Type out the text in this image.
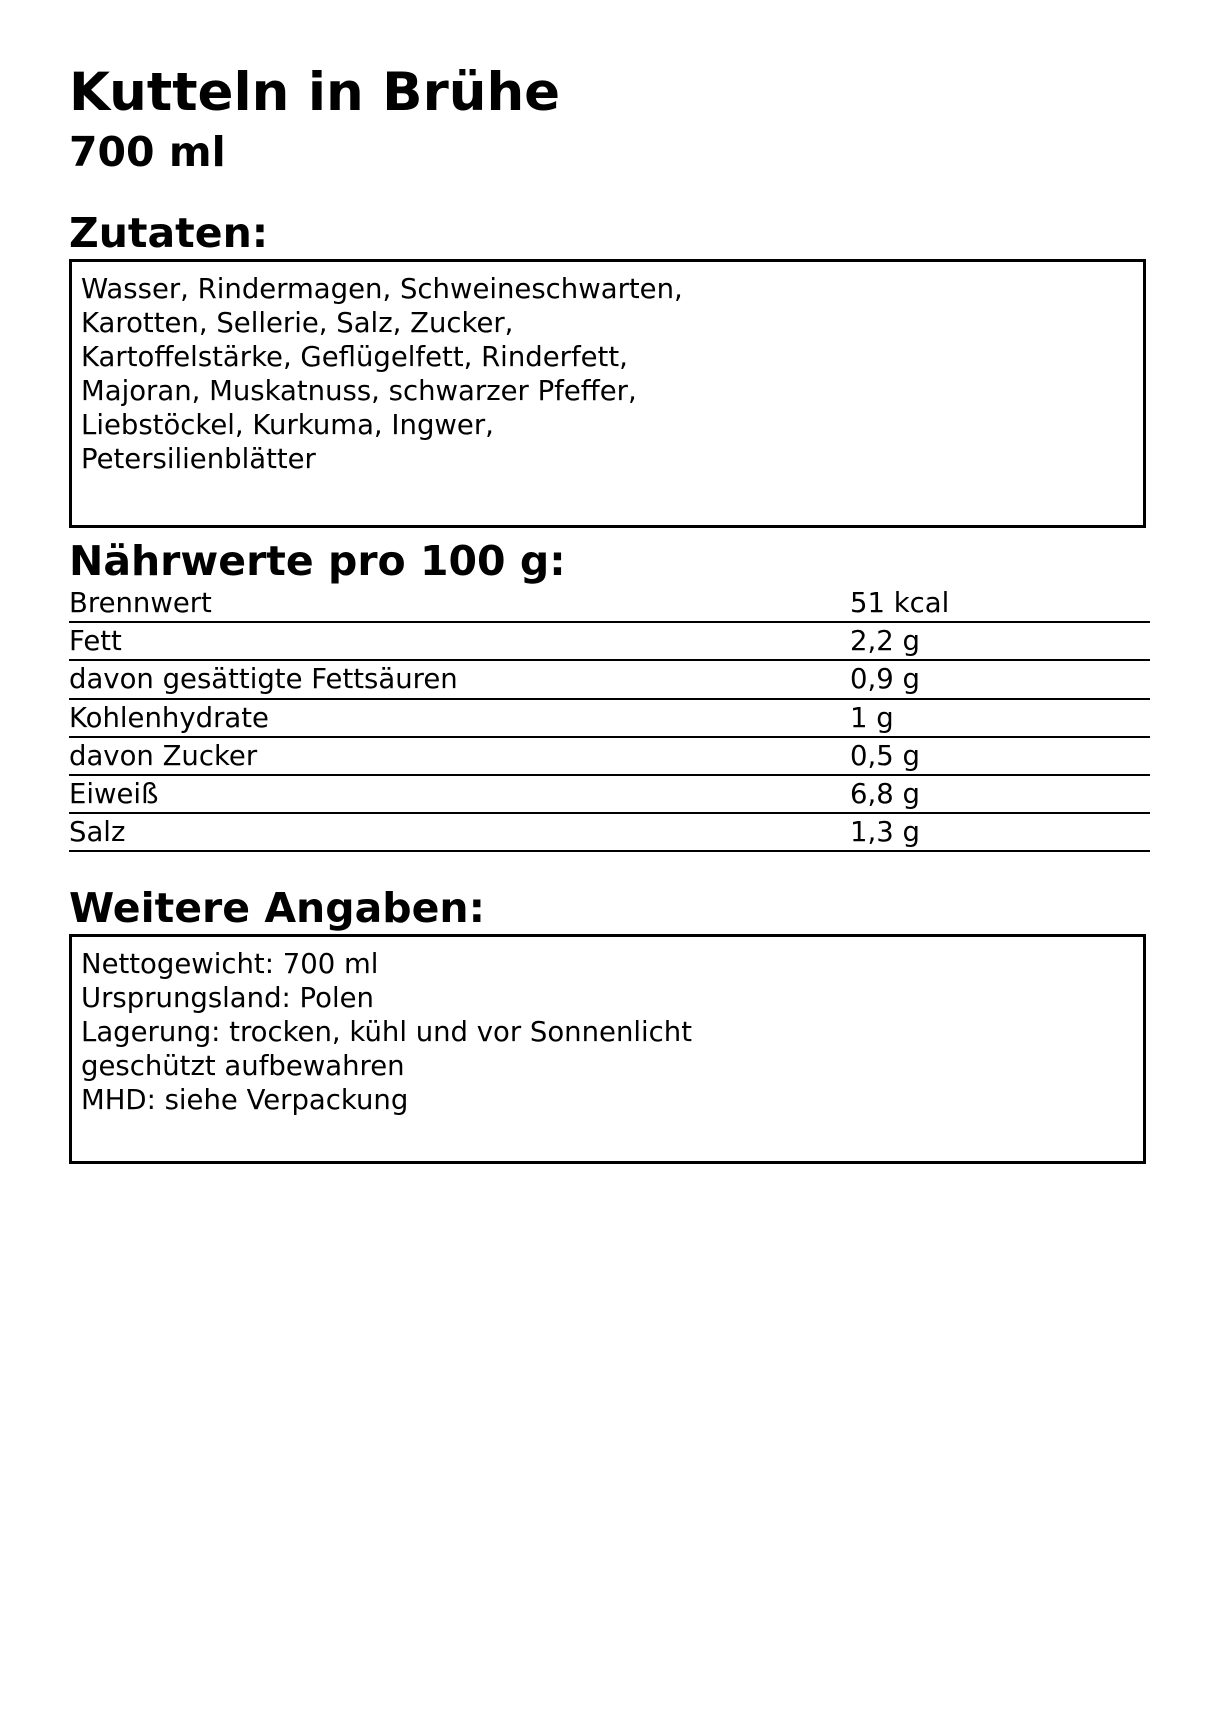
Kutteln in Brühe
700 ml
Zutaten:
Wasser, Rindermagen, Schweineschwarten,
Karotten, Sellerie, Salz, Zucker,
Kartoffelstärke, Geflügelfett, Rinderfett,
Majoran, Muskatnuss, schwarzer Pfeffer,
Liebstöckel, Kurkuma, Ingwer,
Petersilienblätter
Nährwerte pro 100 g:
Brennwert	51 kcal
Fett	2,2 g
davon gesättigte Fettsäuren	0,9 g
Kohlenhydrate	1 g
davon Zucker	0,5 g
Eiweiß	6,8 g
Salz	1,3 g
Weitere Angaben:
Nettogewicht: 700 ml
Ursprungsland: Polen
Lagerung: trocken, kühl und vor Sonnenlicht
geschützt aufbewahren
MHD: siehe Verpackung
